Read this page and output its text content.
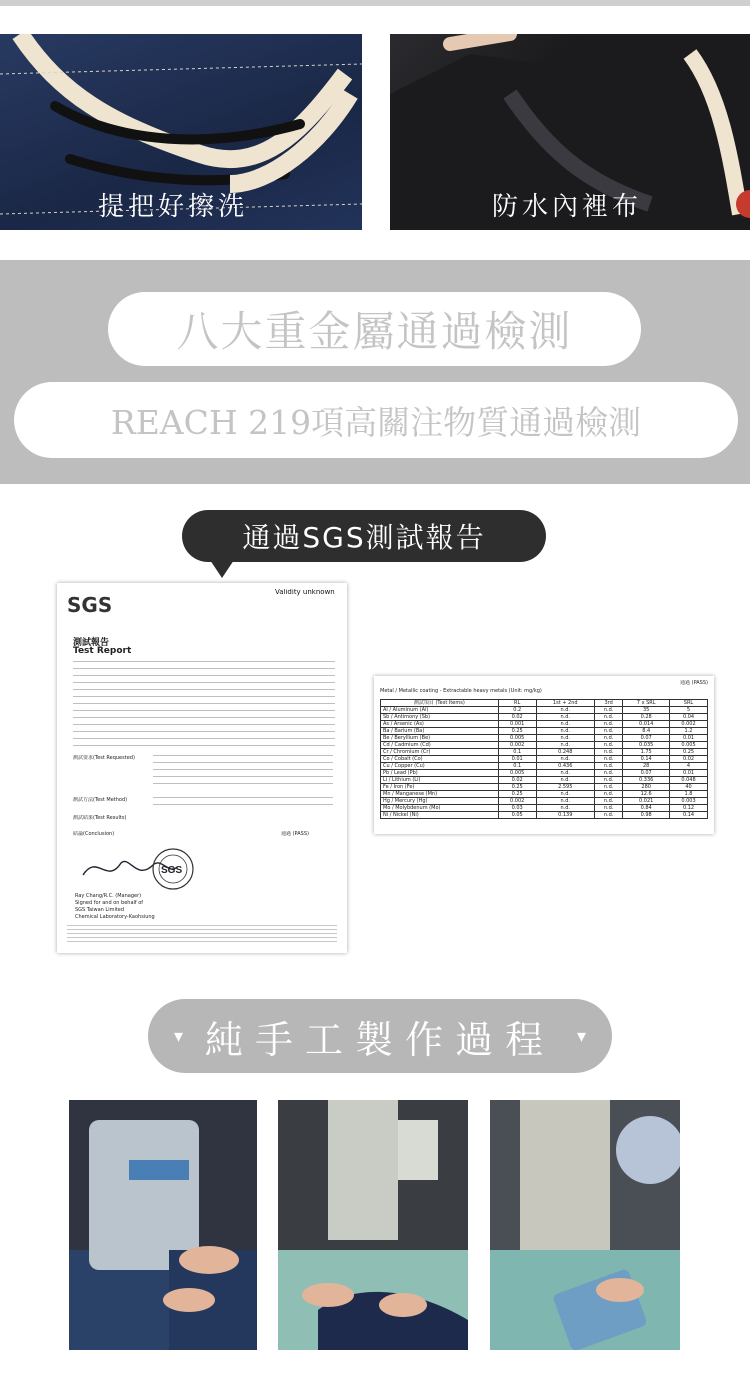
提把好擦洗	防水內裡布
八大重金屬通過檢測
REACH 219項高關注物質通過檢測
通過SGS測試報告
SGS
Validity unknown
測試報告
Test Report
測試要求(Test Requested)
測試方法(Test Method)
測試結果(Test Results)
結論(Conclusion)	通過 (PASS)
SGS
Ray Chang/R.C. (Manager)
Signed for and on behalf of
SGS Taiwan Limited
Chemical Laboratory-Kaohsiung
Metal / Metallic coating - Extractable heavy metals (Unit: mg/kg)
通過 (PASS)
測試項目 (Test Items)	RL	1st + 2nd	3rd	7 x SRL	SRL
Al / Aluminum (Al)	0.2	n.d.	n.d.	35	5
Sb / Antimony (Sb)	0.02	n.d.	n.d.	0.28	0.04
As / Arsenic (As)	0.001	n.d.	n.d.	0.014	0.002
Ba / Barium (Ba)	0.25	n.d.	n.d.	8.4	1.2
Be / Beryllium (Be)	0.005	n.d.	n.d.	0.07	0.01
Cd / Cadmium (Cd)	0.002	n.d.	n.d.	0.035	0.005
Cr / Chromium (Cr)	0.1	0.248	n.d.	1.75	0.25
Co / Cobalt (Co)	0.01	n.d.	n.d.	0.14	0.02
Cu / Copper (Cu)	0.1	0.436	n.d.	28	4
Pb / Lead (Pb)	0.005	n.d.	n.d.	0.07	0.01
Li / Lithium (Li)	0.02	n.d.	n.d.	0.336	0.048
Fe / Iron (Fe)	0.25	2.595	n.d.	280	40
Mn / Manganese (Mn)	0.25	n.d.	n.d.	12.6	1.8
Hg / Mercury (Hg)	0.002	n.d.	n.d.	0.021	0.003
Mo / Molybdenum (Mo)	0.03	n.d.	n.d.	0.84	0.12
Ni / Nickel (Ni)	0.05	0.139	n.d.	0.98	0.14
▾ 純手工製作過程 ▾
